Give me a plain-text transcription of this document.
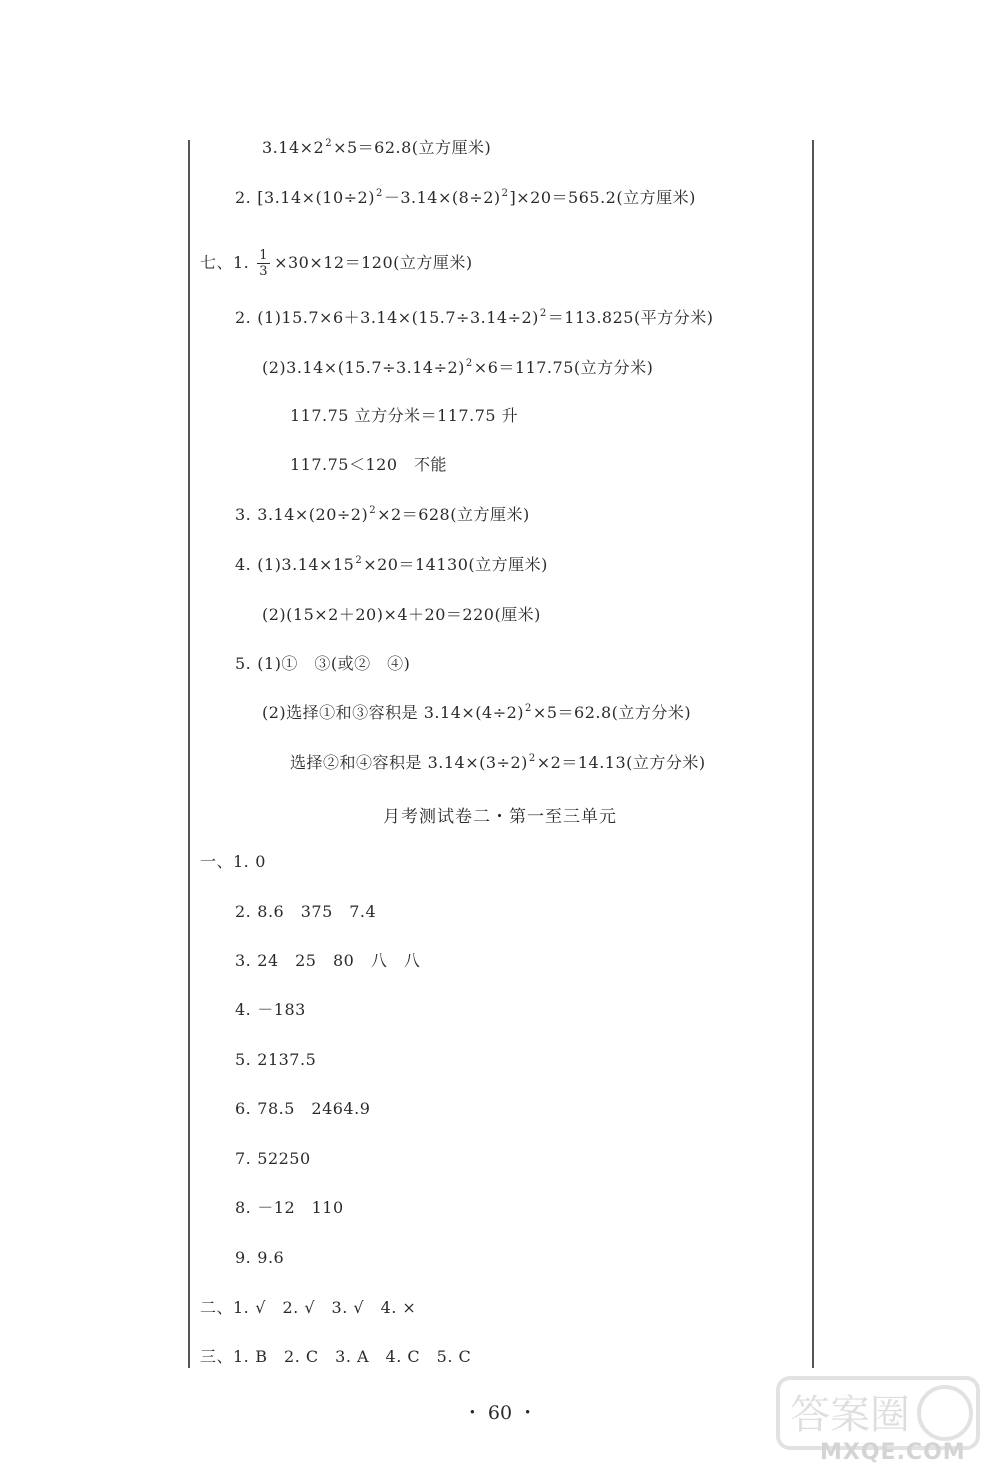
$3.14\times 2^2\times 5=62.8$(立方厘米)
2. $[3.14\times(10\div 2)^2-3.14\times(8\div 2)^2]\times 20=565.2$(立方厘米)
七、1. $\frac{1}{3} \times 30\times 12=120$(立方厘米)
2. $(1)15.7\times 6+3.14\times(15.7\div 3.14\div 2)^2=113.825$(平方分米)
$(2)3.14\times(15.7\div 3.14\div 2)^2\times 6=117.75$(立方分米)
117.75 立方分米＝117.75 升
117.75＜120　不能
3. $3.14\times(20\div 2)^2\times 2=628$(立方厘米)
4. $(1)3.14\times 15^2\times 20=14130$(立方厘米)
(2)(15×2＋20)×4＋20＝220(厘米)
5. (1)①　③(或②　④)
(2)选择①和③容积是 $3.14\times(4\div 2)^2\times 5=62.8$(立方分米)
选择②和④容积是 $3.14\times(3\div 2)^2\times 2=14.13$(立方分米)
一、1. 0
2. 8.6　375　7.4
3. 24　25　80　八　八
4. －183
5. 2137.5
6. 78.5　2464.9
7. 52250
8. －12　110
9. 9.6
二、1. √　2. √　3. √　4. ×
三、1. B　2. C　3. A　4. C　5. C
月考测试卷二・第一至三单元
・ 60 ・	答案圈
MXQE.COM
